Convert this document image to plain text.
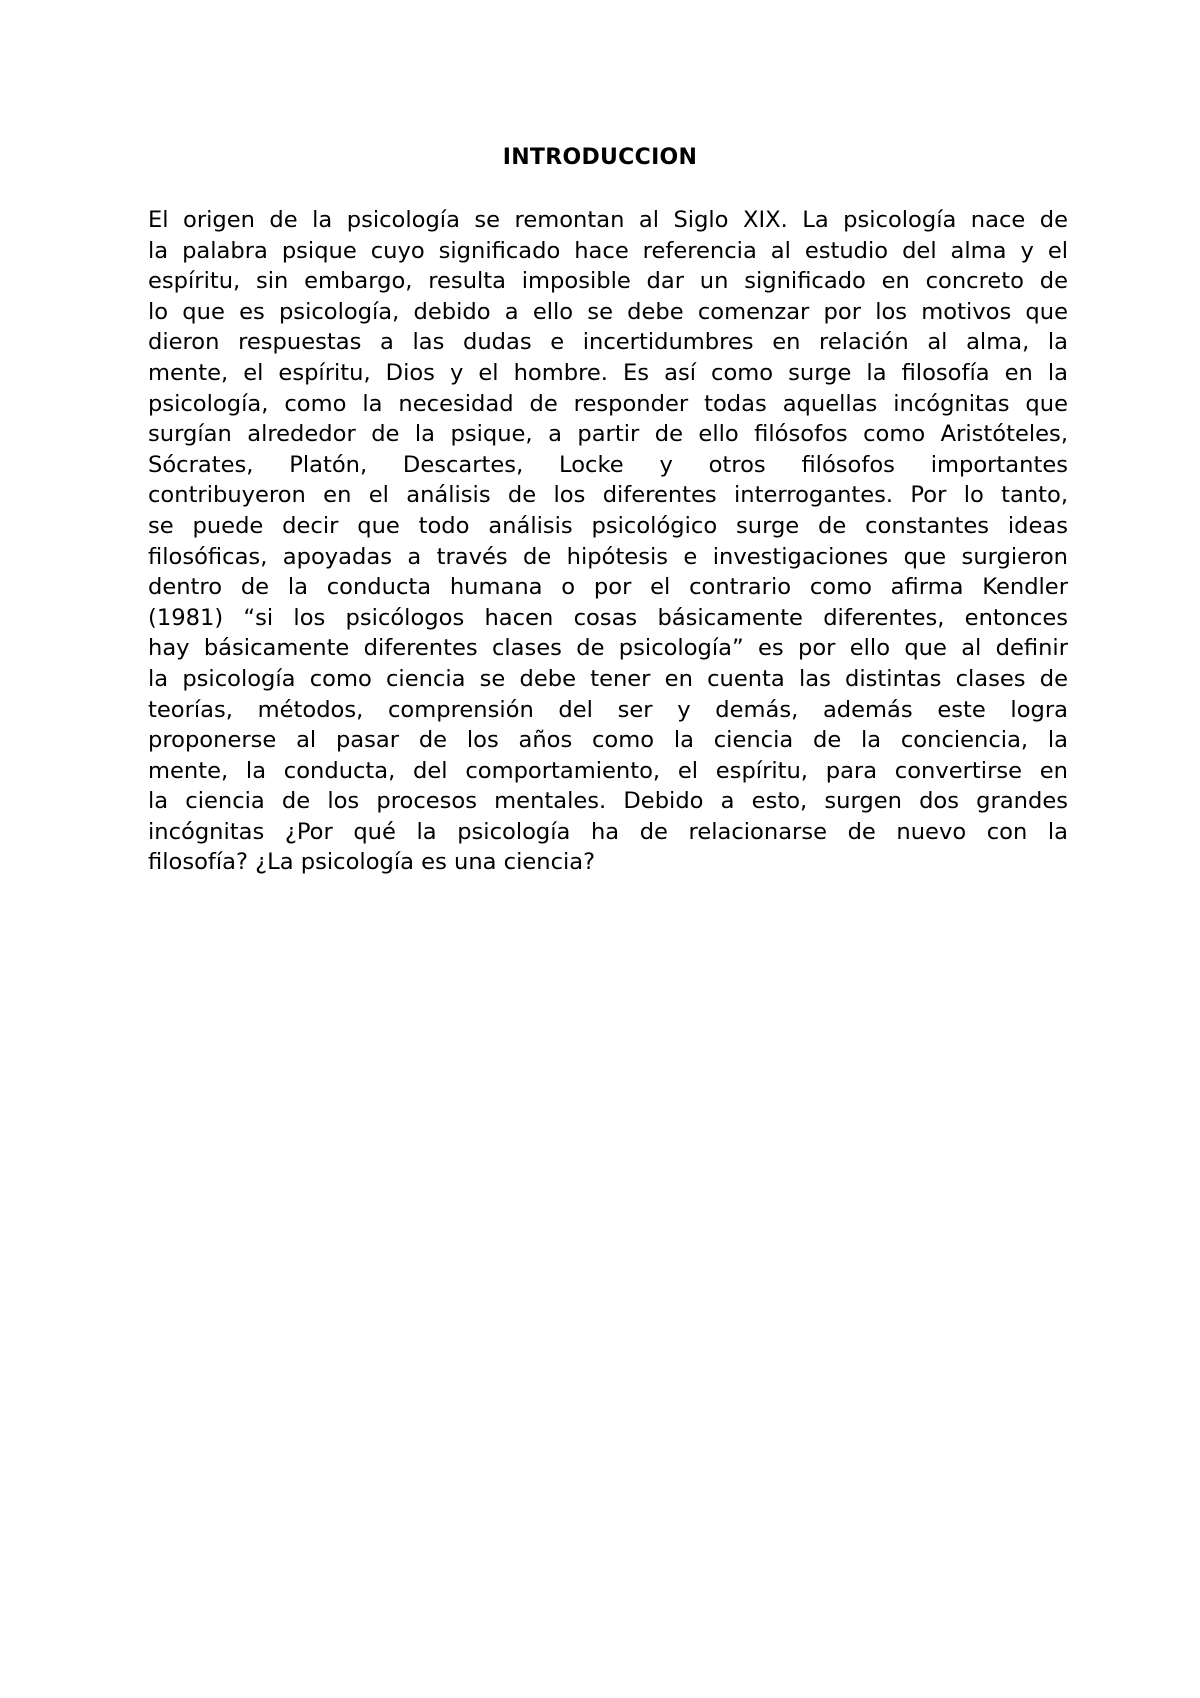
INTRODUCCION
El origen de la psicología se remontan al Siglo XIX. La psicología nace de
la palabra psique cuyo significado hace referencia al estudio del alma y el
espíritu, sin embargo, resulta imposible dar un significado en concreto de
lo que es psicología, debido a ello se debe comenzar por los motivos que
dieron respuestas a las dudas e incertidumbres en relación al alma, la
mente, el espíritu, Dios y el hombre. Es así como surge la filosofía en la
psicología, como la necesidad de responder todas aquellas incógnitas que
surgían alrededor de la psique, a partir de ello filósofos como Aristóteles,
Sócrates, Platón, Descartes, Locke y otros filósofos importantes
contribuyeron en el análisis de los diferentes interrogantes. Por lo tanto,
se puede decir que todo análisis psicológico surge de constantes ideas
filosóficas, apoyadas a través de hipótesis e investigaciones que surgieron
dentro de la conducta humana o por el contrario como afirma Kendler
(1981) “si los psicólogos hacen cosas básicamente diferentes, entonces
hay básicamente diferentes clases de psicología” es por ello que al definir
la psicología como ciencia se debe tener en cuenta las distintas clases de
teorías, métodos, comprensión del ser y demás, además este logra
proponerse al pasar de los años como la ciencia de la conciencia, la
mente, la conducta, del comportamiento, el espíritu, para convertirse en
la ciencia de los procesos mentales. Debido a esto, surgen dos grandes
incógnitas ¿Por qué la psicología ha de relacionarse de nuevo con la
filosofía? ¿La psicología es una ciencia?
